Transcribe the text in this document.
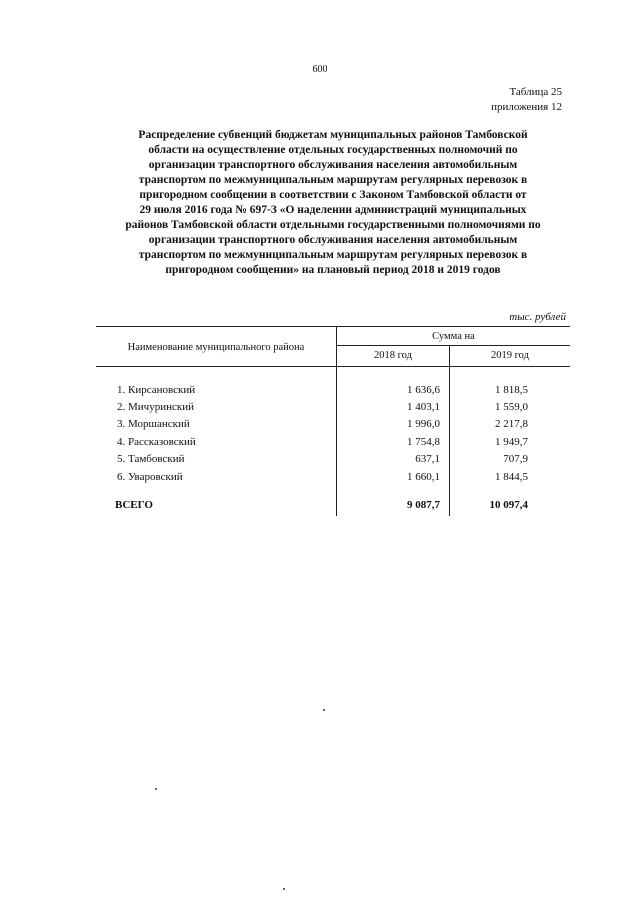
600
Таблица 25
приложения 12
Распределение субвенций бюджетам муниципальных районов Тамбовской
области на осуществление отдельных государственных полномочий по
организации транспортного обслуживания населения автомобильным
транспортом по межмуниципальным маршрутам регулярных перевозок в
пригородном сообщении в соответствии с Законом Тамбовской области от
29 июля 2016 года № 697-З «О наделении администраций муниципальных
районов Тамбовской области отдельными государственными полномочиями по
организации транспортного обслуживания населения автомобильным
транспортом по межмуниципальным маршрутам регулярных перевозок в
пригородном сообщении» на плановый период 2018 и 2019 годов
тыс. рублей
Наименование муниципального района
Сумма на
2018 год	2019 год
1. Кирсановский	1 636,6	1 818,5
2. Мичуринский	1 403,1	1 559,0
3. Моршанский	1 996,0	2 217,8
4. Рассказовский	1 754,8	1 949,7
5. Тамбовский	637,1	707,9
6. Уваровский	1 660,1	1 844,5
ВСЕГО	9 087,7	10 097,4
